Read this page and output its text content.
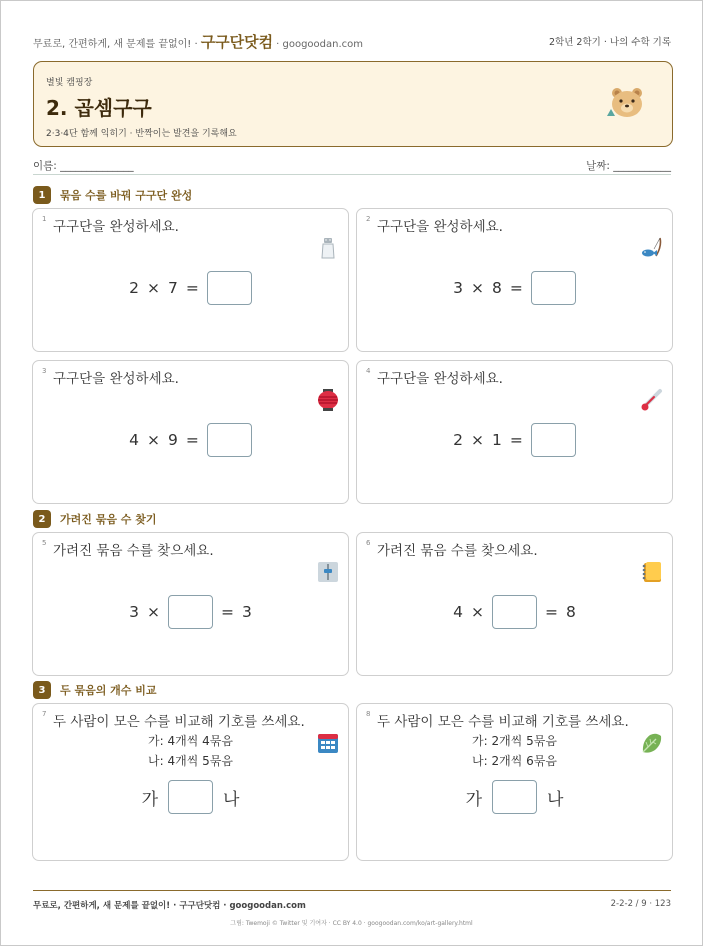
무료로, 간편하게, 새 문제를 끝없이! · 구구단닷컴 · googoodan.com	2학년 2학기 · 나의 수학 기록
별빛 캠핑장
2. 곱셈구구
2·3·4단 함께 익히기 · 반짝이는 발견을 기록해요
이름: ______________	날짜: ___________
1	묶음 수를 바꿔 구구단 완성
1 구구단을 완성하세요.
2 × 7 =
2 구구단을 완성하세요.
3 × 8 =
3 구구단을 완성하세요.
4 × 9 =
4 구구단을 완성하세요.
2 × 1 =
2	가려진 묶음 수 찾기
5 가려진 묶음 수를 찾으세요.
3 ×	= 3
6 가려진 묶음 수를 찾으세요.
4 ×	= 8
3	두 묶음의 개수 비교
7 두 사람이 모은 수를 비교해 기호를 쓰세요.
가: 4개씩 4묶음
나: 4개씩 5묶음
가	나
8 두 사람이 모은 수를 비교해 기호를 쓰세요.
가: 2개씩 5묶음
나: 2개씩 6묶음
가	나
무료로, 간편하게, 새 문제를 끝없이! · 구구단닷컴 · googoodan.com	2-2-2 / 9 · 123
그림: Twemoji © Twitter 및 기여자 · CC BY 4.0 · googoodan.com/ko/art-gallery.html
